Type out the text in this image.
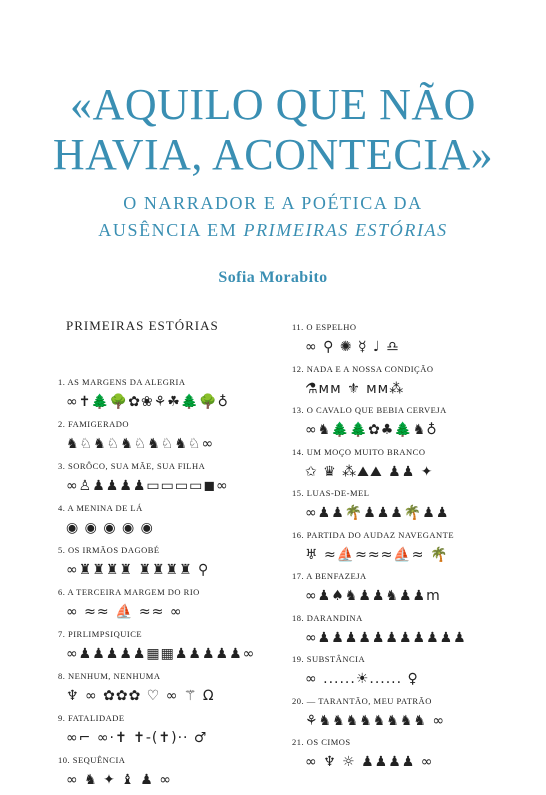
«AQUILO QUE NÃO
HAVIA, ACONTECIA»
O NARRADOR E A POÉTICA DA
AUSÊNCIA EM PRIMEIRAS ESTÓRIAS
Sofia Morabito
PRIMEIRAS ESTÓRIAS
1. AS MARGENS DA ALEGRIA
∞✝🌲🌳✿❀⚘☘🌲🌳♁
2. FAMIGERADO
♞♘♞♘♞♘♞♘♞♘∞
3. SORÔCO, SUA MÃE, SUA FILHA
∞♙♟♟♟♟▭▭▭▭◼∞
4. A MENINA DE LÁ
◉ ◉ ◉ ◉ ◉
5. OS IRMÃOS DAGOBÉ
∞♜♜♜♜ ♜♜♜♜ ⚲
6. A TERCEIRA MARGEM DO RIO
∞ ≈≈ ⛵ ≈≈ ∞
7. PIRLIMPSIQUICE
∞♟♟♟♟♟▦▦♟♟♟♟♟∞
8. NENHUM, NENHUMA
♆ ∞ ✿✿✿ ♡ ∞ ⚚ Ω
9. FATALIDADE
∞⌐ ∞·✝ ✝-(✝)·· ♂
10. SEQUÊNCIA
∞ ♞ ✦ ♝ ♟ ∞
11. O ESPELHO
∞ ⚲ ✺ ☿ ♩ ♎
12. NADA E A NOSSA CONDIÇÃO
⚗ᴍᴍ ⚜ ᴍᴍ⁂
13. O CAVALO QUE BEBIA CERVEJA
∞♞🌲🌲✿♣🌲♞♁
14. UM MOÇO MUITO BRANCO
✩ ♛ ⁂⛰⛰ ♟♟ ✦
15. LUAS-DE-MEL
∞♟♟🌴♟♟♟🌴♟♟
16. PARTIDA DO AUDAZ NAVEGANTE
♅ ≈⛵≈≈≈⛵≈ 🌴
17. A BENFAZEJA
∞♟♠♞♟♟♞♟♟m
18. DARANDINA
∞♟♟♟♟♟♟♟♟♟♟♟
19. SUBSTÂNCIA
∞ ......☀...... ♀
20. — TARANTÃO, MEU PATRÃO
⚘♞♞♞♞♞♞♞♞ ∞
21. OS CIMOS
∞ ♆ ☼ ♟♟♟♟ ∞
